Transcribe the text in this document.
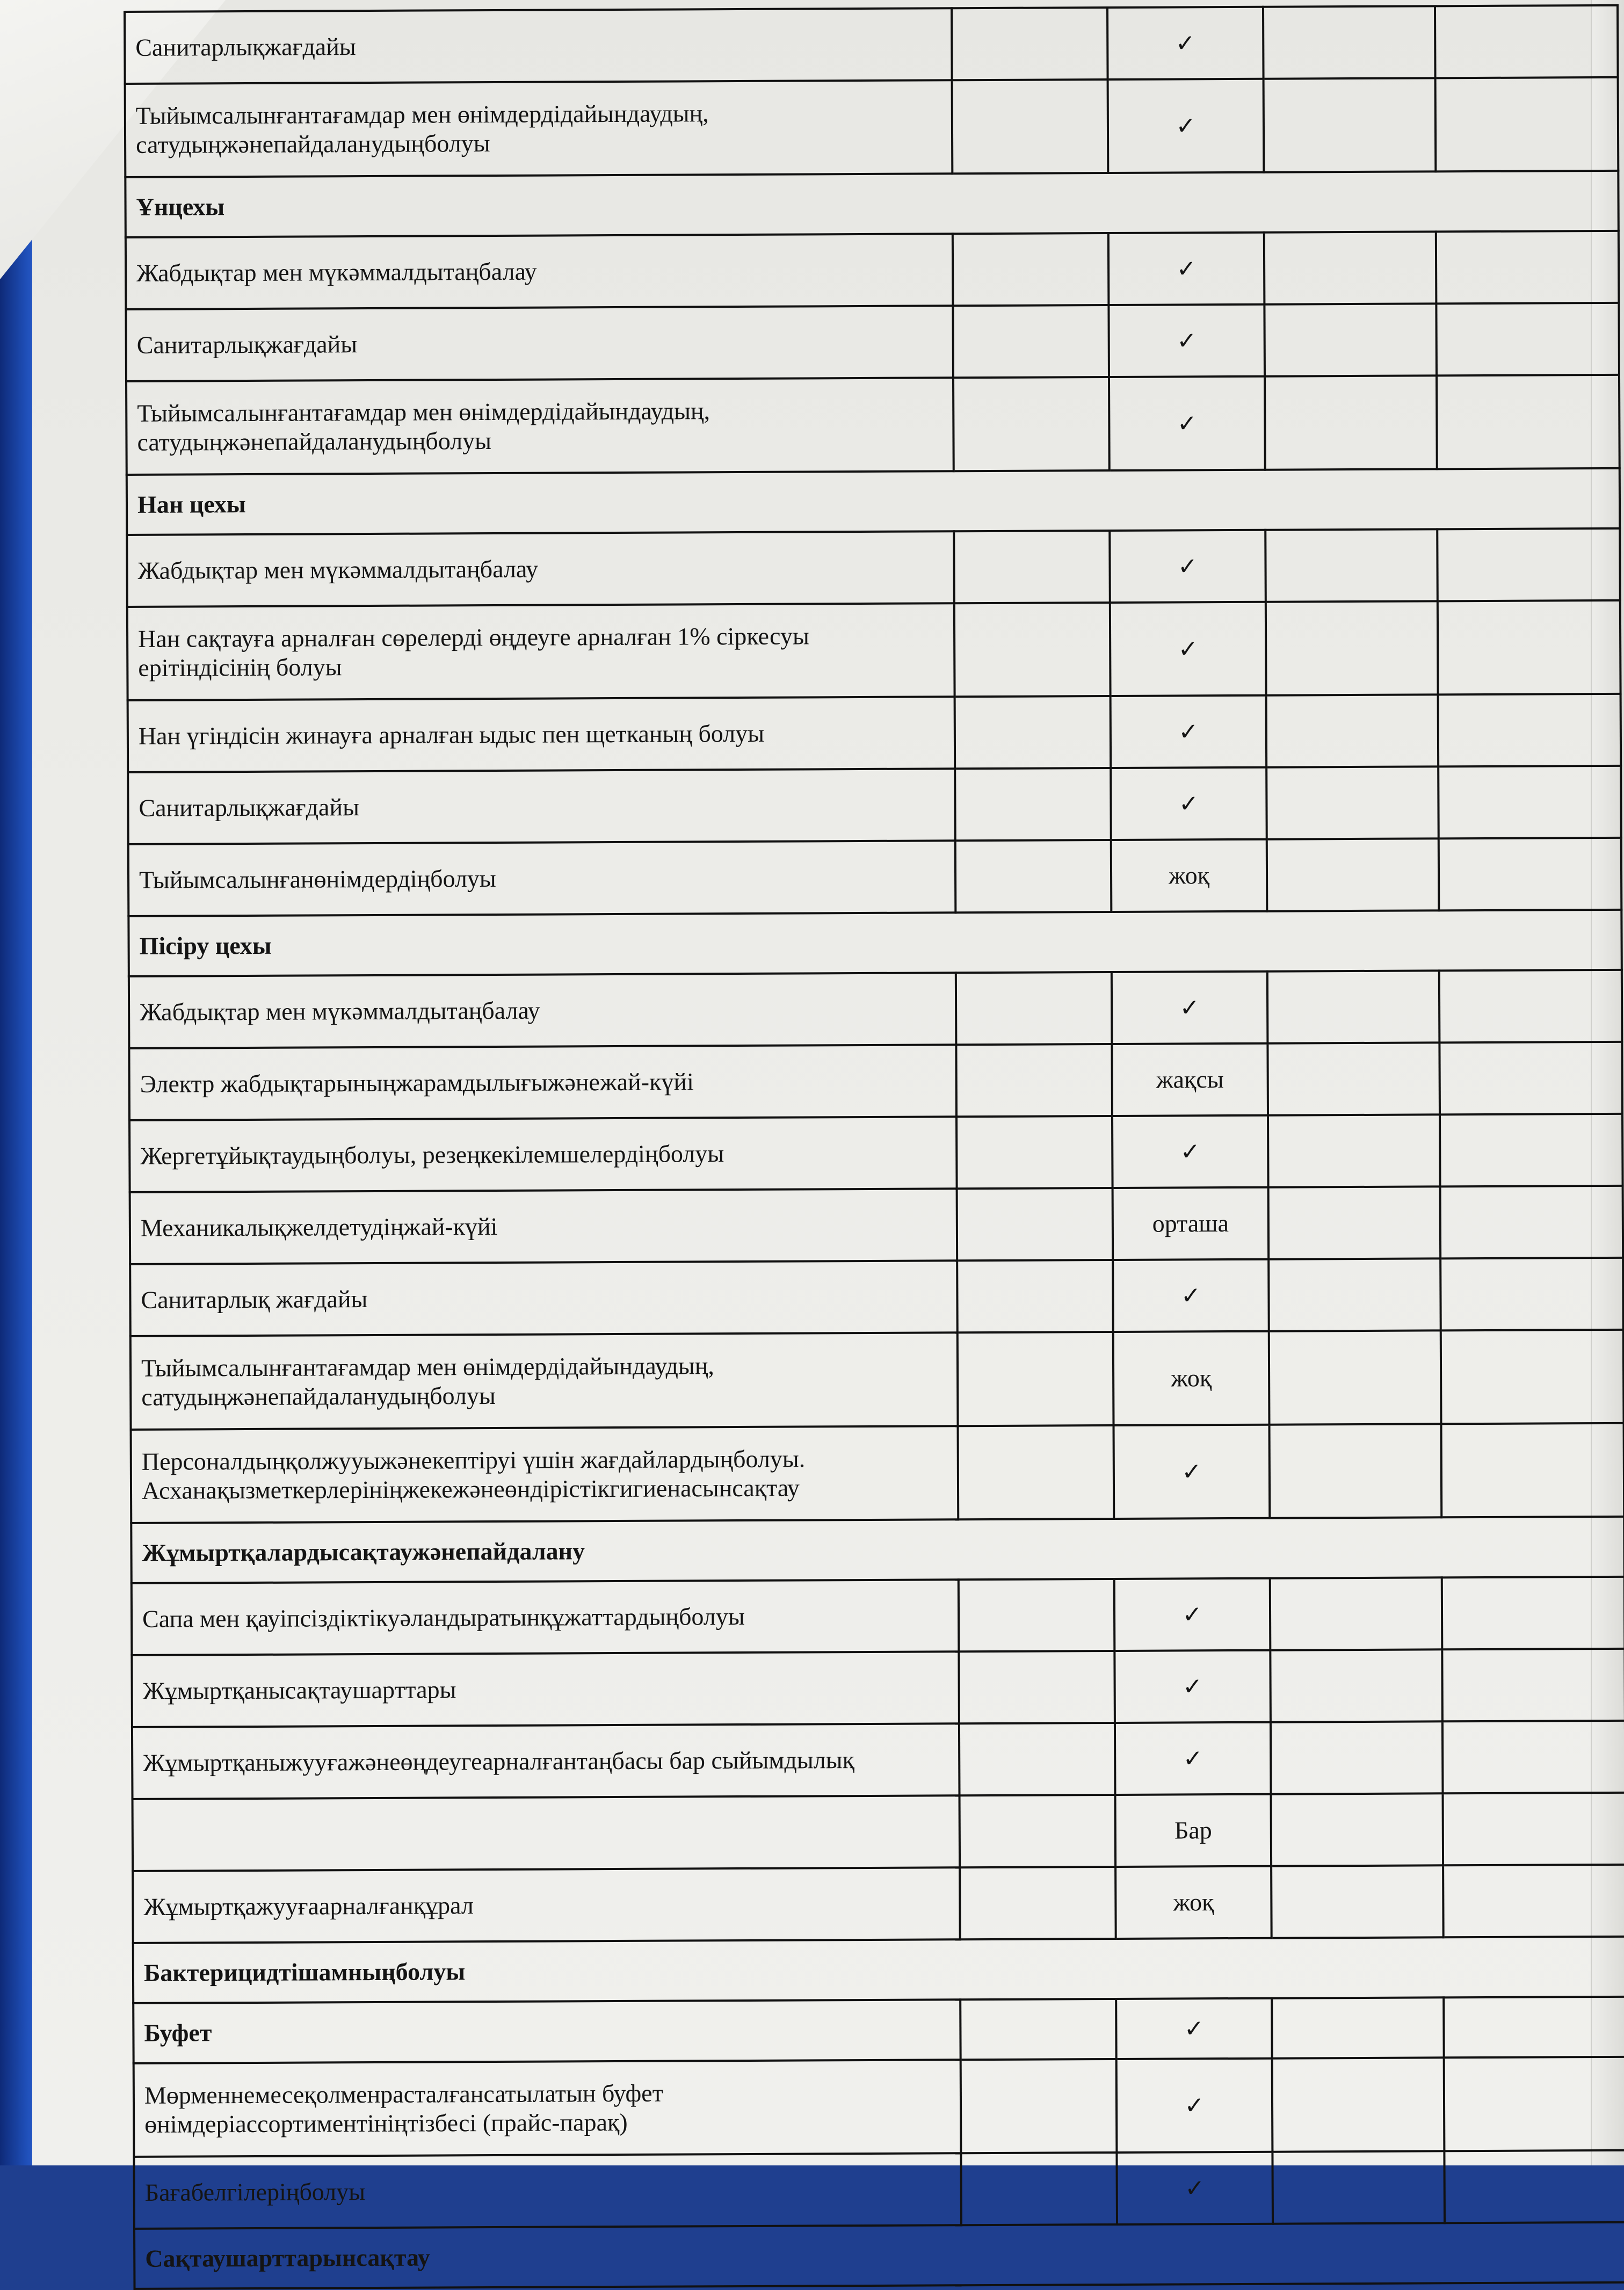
Санитарлықжағдайы		✓		
Тыйымсалынғантағамдар мен өнімдердідайындаудың, сатудыңжәнепайдаланудыңболуы		✓		
Ұнцехы				
Жабдықтар мен мүкәммалдытаңбалау		✓		
Санитарлықжағдайы		✓		
Тыйымсалынғантағамдар мен өнімдердідайындаудың, сатудыңжәнепайдаланудыңболуы		✓		
Нан цехы				
Жабдықтар мен мүкәммалдытаңбалау		✓		
Нан сақтауға арналған сөрелерді өңдеуге арналған 1% сіркесуы ерітіндісінің болуы		✓		
Нан үгіндісін жинауға арналған ыдыс пен щетканың болуы		✓		
Санитарлықжағдайы		✓		
Тыйымсалынғанөнімдердіңболуы		жоқ		
Пісіру цехы				
Жабдықтар мен мүкәммалдытаңбалау		✓		
Электр жабдықтарыныңжарамдылығыжәнежай-күйі		жақсы		
Жергетұйықтаудыңболуы, резеңкекілемшелердіңболуы		✓		
Механикалықжелдетудіңжай-күйі		орташа		
Санитарлық жағдайы		✓		
Тыйымсалынғантағамдар мен өнімдердідайындаудың, сатудыңжәнепайдаланудыңболуы		жоқ		
Персоналдыңқолжууыжәнекептіруі үшін жағдайлардыңболуы. Асханақызметкерлерініңжекежәнеөндірістікгигиенасынсақтау		✓		
Жұмыртқалардысақтаужәнепайдалану				
Сапа мен қауіпсіздіктікуәландыратынқұжаттардыңболуы		✓		
Жұмыртқанысақтаушарттары		✓		
Жұмыртқаныжууғажәнеөңдеугеарналғантаңбасы бар сыйымдылық		✓		
		Бар		
Жұмыртқажууғаарналғанқұрал		жоқ		
Бактерицидтішамныңболуы				
Буфет		✓		
Мөрменнемесеқолменрасталғансатылатын буфет өнімдеріассортиментініңтізбесі (прайс-парақ)		✓		
Бағабелгілеріңболуы		✓		
Сақтаушарттарынсақтау				
